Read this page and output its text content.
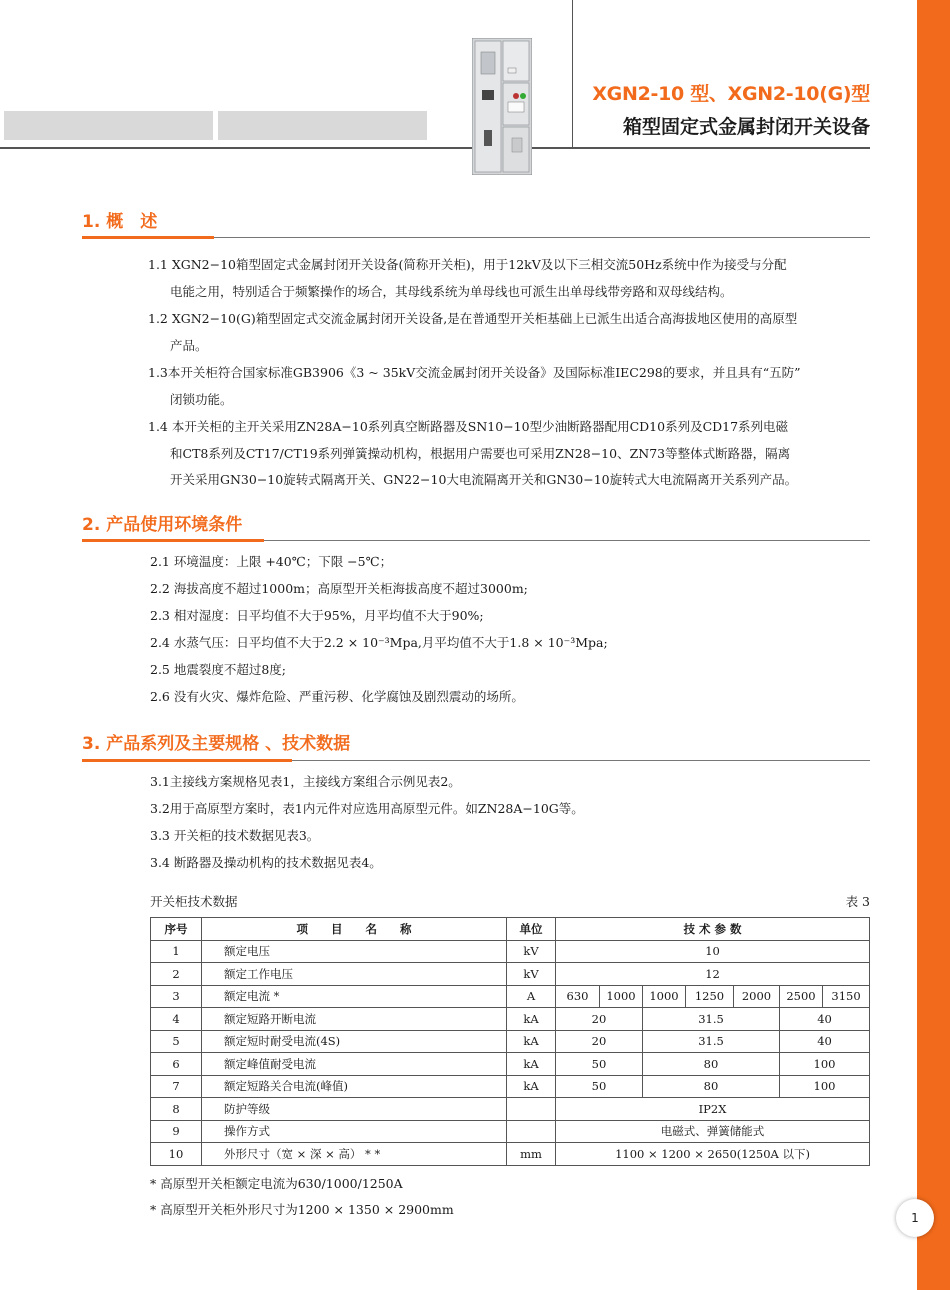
XGN2-10 型、XGN2-10(G)型
箱型固定式金属封闭开关设备
1. 概　述
1.1 XGN2−10箱型固定式金属封闭开关设备(简称开关柜)，用于12kV及以下三相交流50Hz系统中作为接受与分配
电能之用，特别适合于频繁操作的场合，其母线系统为单母线也可派生出单母线带旁路和双母线结构。
1.2 XGN2−10(G)箱型固定式交流金属封闭开关设备,是在普通型开关柜基础上已派生出适合高海拔地区使用的高原型
产品。
1.3本开关柜符合国家标准GB3906《3 ~ 35kV交流金属封闭开关设备》及国际标准IEC298的要求，并且具有“五防”
闭锁功能。
1.4 本开关柜的主开关采用ZN28A−10系列真空断路器及SN10−10型少油断路器配用CD10系列及CD17系列电磁
和CT8系列及CT17/CT19系列弹簧操动机构，根据用户需要也可采用ZN28−10、ZN73等整体式断路器，隔离
开关采用GN30−10旋转式隔离开关、GN22−10大电流隔离开关和GN30−10旋转式大电流隔离开关系列产品。
2. 产品使用环境条件
2.1 环境温度：上限 +40℃；下限 −5℃；
2.2 海拔高度不超过1000m；高原型开关柜海拔高度不超过3000m;
2.3 相对湿度：日平均值不大于95%，月平均值不大于90%;
2.4 水蒸气压：日平均值不大于2.2 × 10⁻³Mpa,月平均值不大于1.8 × 10⁻³Mpa;
2.5 地震裂度不超过8度;
2.6 没有火灾、爆炸危险、严重污秽、化学腐蚀及剧烈震动的场所。
3. 产品系列及主要规格 、技术数据
3.1主接线方案规格见表1，主接线方案组合示例见表2。
3.2用于高原型方案时，表1内元件对应选用高原型元件。如ZN28A−10G等。
3.3 开关柜的技术数据见表3。
3.4 断路器及操动机构的技术数据见表4。
开关柜技术数据	表 3
序号	项　　目　　名　　称	单位	技 术 参 数						
1	额定电压	kV	10						
2	额定工作电压	kV	12						
3	额定电流 *	A	630	1000	1000	1250	2000	2500	3150
4	额定短路开断电流	kA	20		31.5			40	
5	额定短时耐受电流(4S)	kA	20		31.5			40	
6	额定峰值耐受电流	kA	50		80			100	
7	额定短路关合电流(峰值)	kA	50		80			100	
8	防护等级		IP2X						
9	操作方式		电磁式、弹簧储能式						
10	外形尺寸（宽 × 深 × 高） * *	mm	1100 × 1200 × 2650(1250A 以下)						
* 高原型开关柜额定电流为630/1000/1250A
* 高原型开关柜外形尺寸为1200 × 1350 × 2900mm
1
